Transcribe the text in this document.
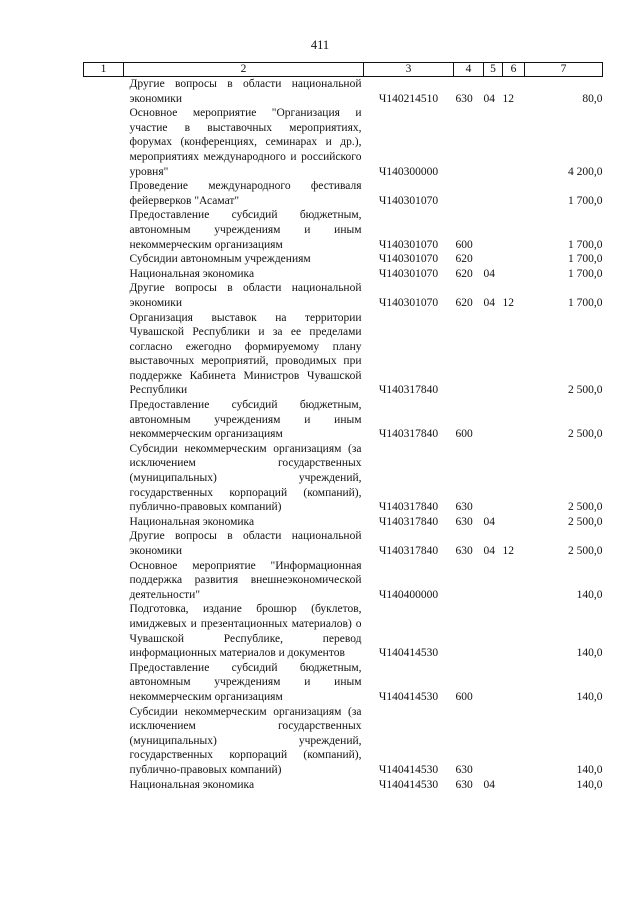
411
1	2	3	4	5	6	7
	Другие вопросы в области национальной экономики	Ч140214510	630	04	12	80,0
	Основное мероприятие "Организация и участие в выставочных мероприятиях, форумах (конференциях, семинарах и др.), мероприятиях международного и российского уровня"	Ч140300000				4 200,0
	Проведение международного фестиваля фейерверков "Асамат"	Ч140301070				1 700,0
	Предоставление субсидий бюджетным, автономным учреждениям и иным некоммерческим организациям	Ч140301070	600			1 700,0
	Субсидии автономным учреждениям	Ч140301070	620			1 700,0
	Национальная экономика	Ч140301070	620	04		1 700,0
	Другие вопросы в области национальной экономики	Ч140301070	620	04	12	1 700,0
	Организация выставок на территории Чувашской Республики и за ее пределами согласно ежегодно формируемому плану выставочных мероприятий, проводимых при поддержке Кабинета Министров Чувашской Республики	Ч140317840				2 500,0
	Предоставление субсидий бюджетным, автономным учреждениям и иным некоммерческим организациям	Ч140317840	600			2 500,0
	Субсидии некоммерческим организациям (за исключением государственных (муниципальных) учреждений, государственных корпораций (компаний), публично-правовых компаний)	Ч140317840	630			2 500,0
	Национальная экономика	Ч140317840	630	04		2 500,0
	Другие вопросы в области национальной экономики	Ч140317840	630	04	12	2 500,0
	Основное мероприятие "Информационная поддержка развития внешнеэкономической деятельности"	Ч140400000				140,0
	Подготовка, издание брошюр (буклетов, имиджевых и презентационных материалов) о Чувашской Республике, перевод информационных материалов и документов	Ч140414530				140,0
	Предоставление субсидий бюджетным, автономным учреждениям и иным некоммерческим организациям	Ч140414530	600			140,0
	Субсидии некоммерческим организациям (за исключением государственных (муниципальных) учреждений, государственных корпораций (компаний), публично-правовых компаний)	Ч140414530	630			140,0
	Национальная экономика	Ч140414530	630	04		140,0
